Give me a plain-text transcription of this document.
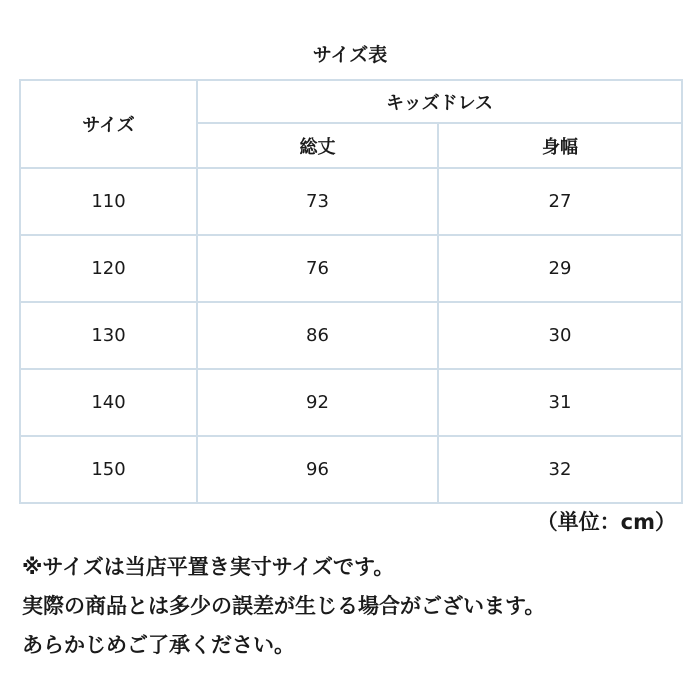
サイズ表
サイズ	キッズドレス	
	総丈	身幅
110	73	27
120	76	29
130	86	30
140	92	31
150	96	32
（単位：cm）
※サイズは当店平置き実寸サイズです。
実際の商品とは多少の誤差が生じる場合がございます。
あらかじめご了承ください。
